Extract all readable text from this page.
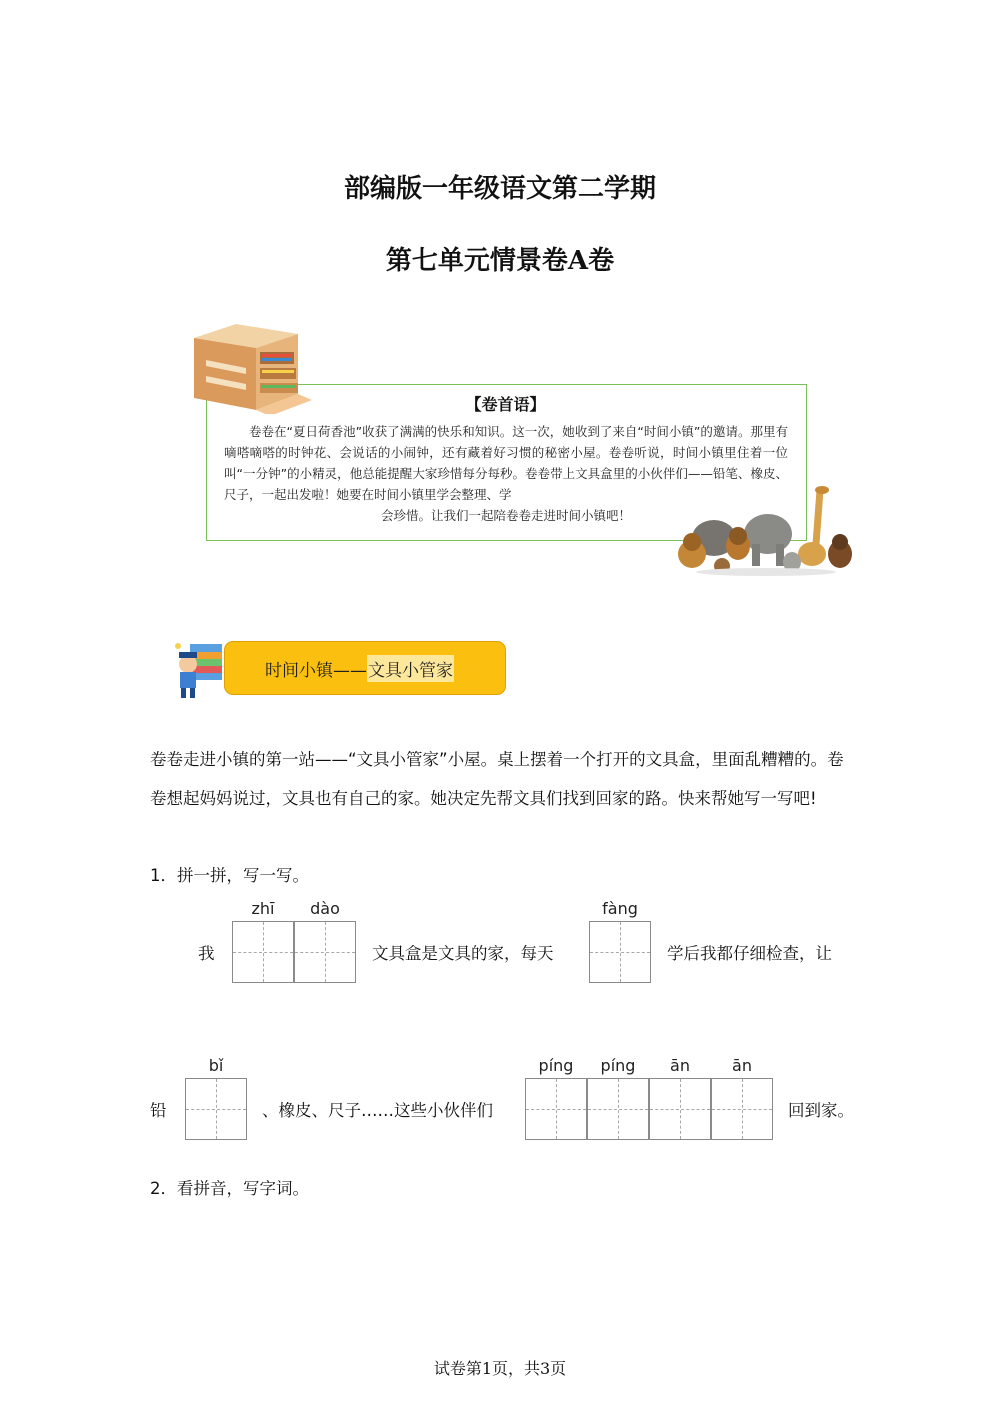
部编版一年级语文第二学期
第七单元情景卷A卷
【卷首语】
卷卷在“夏日荷香池”收获了满满的快乐和知识。这一次，她收到了来自“时间小镇”的邀请。那里有嘀嗒嘀嗒的时钟花、会说话的小闹钟，还有藏着好习惯的秘密小屋。卷卷听说，时间小镇里住着一位叫“一分钟”的小精灵，他总能提醒大家珍惜每分每秒。卷卷带上文具盒里的小伙伴们——铅笔、橡皮、尺子，一起出发啦！她要在时间小镇里学会整理、学
会珍惜。让我们一起陪卷卷走进时间小镇吧！
时间小镇—— 文具小管家
卷卷走进小镇的第一站——“文具小管家”小屋。桌上摆着一个打开的文具盒，里面乱糟糟的。卷卷想起妈妈说过，文具也有自己的家。她决定先帮文具们找到回家的路。快来帮她写一写吧!
1．拼一拼，写一写。
我
zhī	dào
文具盒是文具的家，每天
fàng
学后我都仔细检查，让
铅
bǐ
、橡皮、尺子……这些小伙伴们
píng	píng	ān	ān
回到家。
2．看拼音，写字词。
试卷第1页，共3页
